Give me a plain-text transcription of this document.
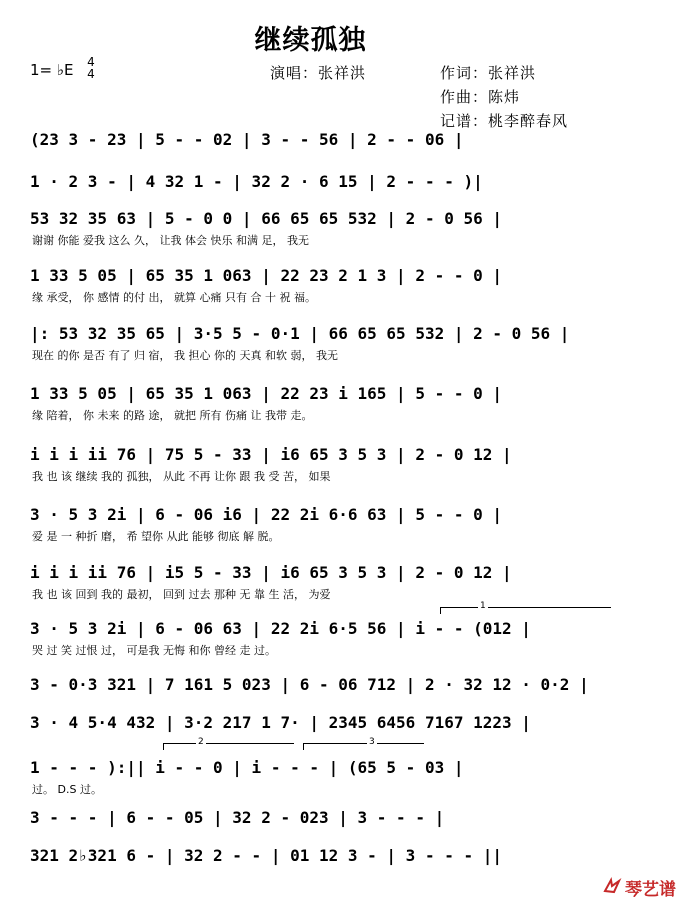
继续孤独
1= ♭E 4
4	演唱：张祥洪	作词：张祥洪
作曲：陈炜
记谱：桃李醉春风
(23 3 - 23 | 5 - - 02 | 3 - - 56 | 2 - - 06 |
1 · 2 3 - | 4 32 1 - | 32 2 · 6 15 | 2 - - - )|
53 32 35 63 | 5 - 0 0 | 66 65 65 532 | 2 - 0 56 |
谢谢 你能 爱我 这么 久， 让我 体会 快乐 和满 足， 我无
1 33 5 05 | 65 35 1 063 | 22 23 2 1 3 | 2 - - 0 |
缘 承受， 你 感情 的付 出， 就算 心痛 只有 合 十 祝 福。
|: 53 32 35 65 | 3·5 5 - 0·1 | 66 65 65 532 | 2 - 0 56 |
现在 的你 是否 有了 归 宿， 我 担心 你的 天真 和软 弱， 我无
1 33 5 05 | 65 35 1 063 | 22 23 i 165 | 5 - - 0 |
缘 陪着， 你 未来 的路 途， 就把 所有 伤痛 让 我带 走。
i i i ii 76 | 75 5 - 33 | i6 65 3 5 3 | 2 - 0 12 |
我 也 该 继续 我的 孤独， 从此 不再 让你 跟 我 受 苦， 如果
3 · 5 3 2i | 6 - 06 i6 | 22 2i 6·6 63 | 5 - - 0 |
爱 是 一 种折 磨， 希 望你 从此 能够 彻底 解 脱。
i i i ii 76 | i5 5 - 33 | i6 65 3 5 3 | 2 - 0 12 |
我 也 该 回到 我的 最初， 回到 过去 那种 无 靠 生 活， 为爱
3 · 5 3 2i | 6 - 06 63 | 22 2i 6·5 56 | i - - (012 |
哭 过 笑 过恨 过， 可是我 无悔 和你 曾经 走 过。
3 - 0·3 321 | 7 161 5 023 | 6 - 06 712 | 2 · 32 12 · 0·2 |
3 · 4 5·4 432 | 3·2 217 1 7· | 2345 6456 7167 1223 |
1 - - - ):|| i - - 0 | i - - - | (65 5 - 03 |
过。 D.S 过。
3 - - - | 6 - - 05 | 32 2 - 023 | 3 - - - |
321 2♭321 6 - | 32 2 - - | 01 12 3 - | 3 - - - ||
1
2	3
琴艺谱
